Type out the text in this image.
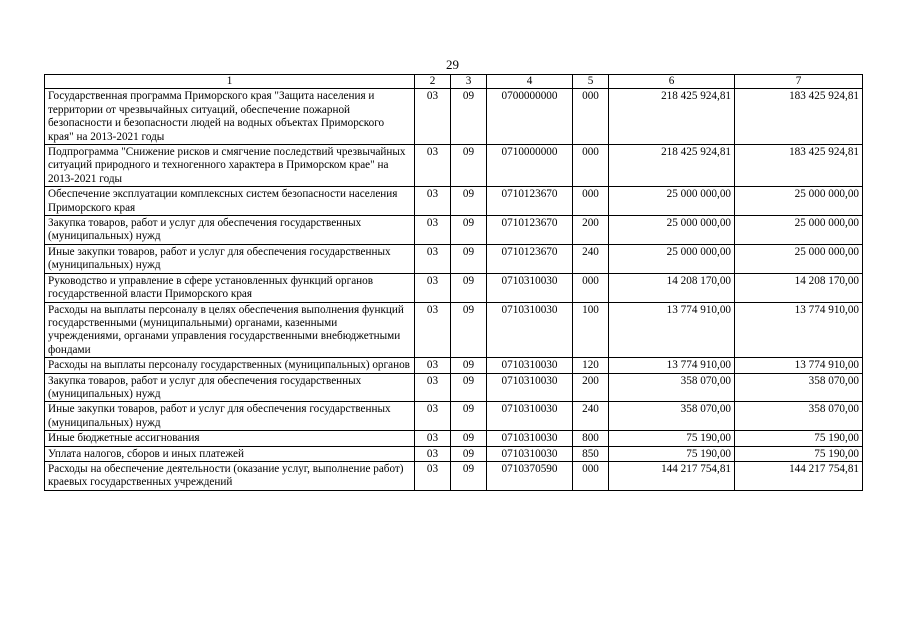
29
1	2	3	4	5	6	7
Государственная программа Приморского края "Защита населения и территории от чрезвычайных ситуаций, обеспечение пожарной безопасности и безопасности людей на водных объектах Приморского края" на 2013-2021 годы	03	09	0700000000	000	218 425 924,81	183 425 924,81
Подпрограмма "Снижение рисков и смягчение последствий чрезвычайных ситуаций природного и техногенного характера в Приморском крае" на 2013-2021 годы	03	09	0710000000	000	218 425 924,81	183 425 924,81
Обеспечение эксплуатации комплексных систем безопасности населения Приморского края	03	09	0710123670	000	25 000 000,00	25 000 000,00
Закупка товаров, работ и услуг для обеспечения государственных (муниципальных) нужд	03	09	0710123670	200	25 000 000,00	25 000 000,00
Иные закупки товаров, работ и услуг для обеспечения государственных (муниципальных) нужд	03	09	0710123670	240	25 000 000,00	25 000 000,00
Руководство и управление в сфере установленных функций органов государственной власти Приморского края	03	09	0710310030	000	14 208 170,00	14 208 170,00
Расходы на выплаты персоналу в целях обеспечения выполнения функций государственными (муниципальными) органами, казенными учреждениями, органами управления государственными внебюджетными фондами	03	09	0710310030	100	13 774 910,00	13 774 910,00
Расходы на выплаты персоналу государственных (муниципальных) органов	03	09	0710310030	120	13 774 910,00	13 774 910,00
Закупка товаров, работ и услуг для обеспечения государственных (муниципальных) нужд	03	09	0710310030	200	358 070,00	358 070,00
Иные закупки товаров, работ и услуг для обеспечения государственных (муниципальных) нужд	03	09	0710310030	240	358 070,00	358 070,00
Иные бюджетные ассигнования	03	09	0710310030	800	75 190,00	75 190,00
Уплата налогов, сборов и иных платежей	03	09	0710310030	850	75 190,00	75 190,00
Расходы на обеспечение деятельности (оказание услуг, выполнение работ) краевых государственных учреждений	03	09	0710370590	000	144 217 754,81	144 217 754,81
